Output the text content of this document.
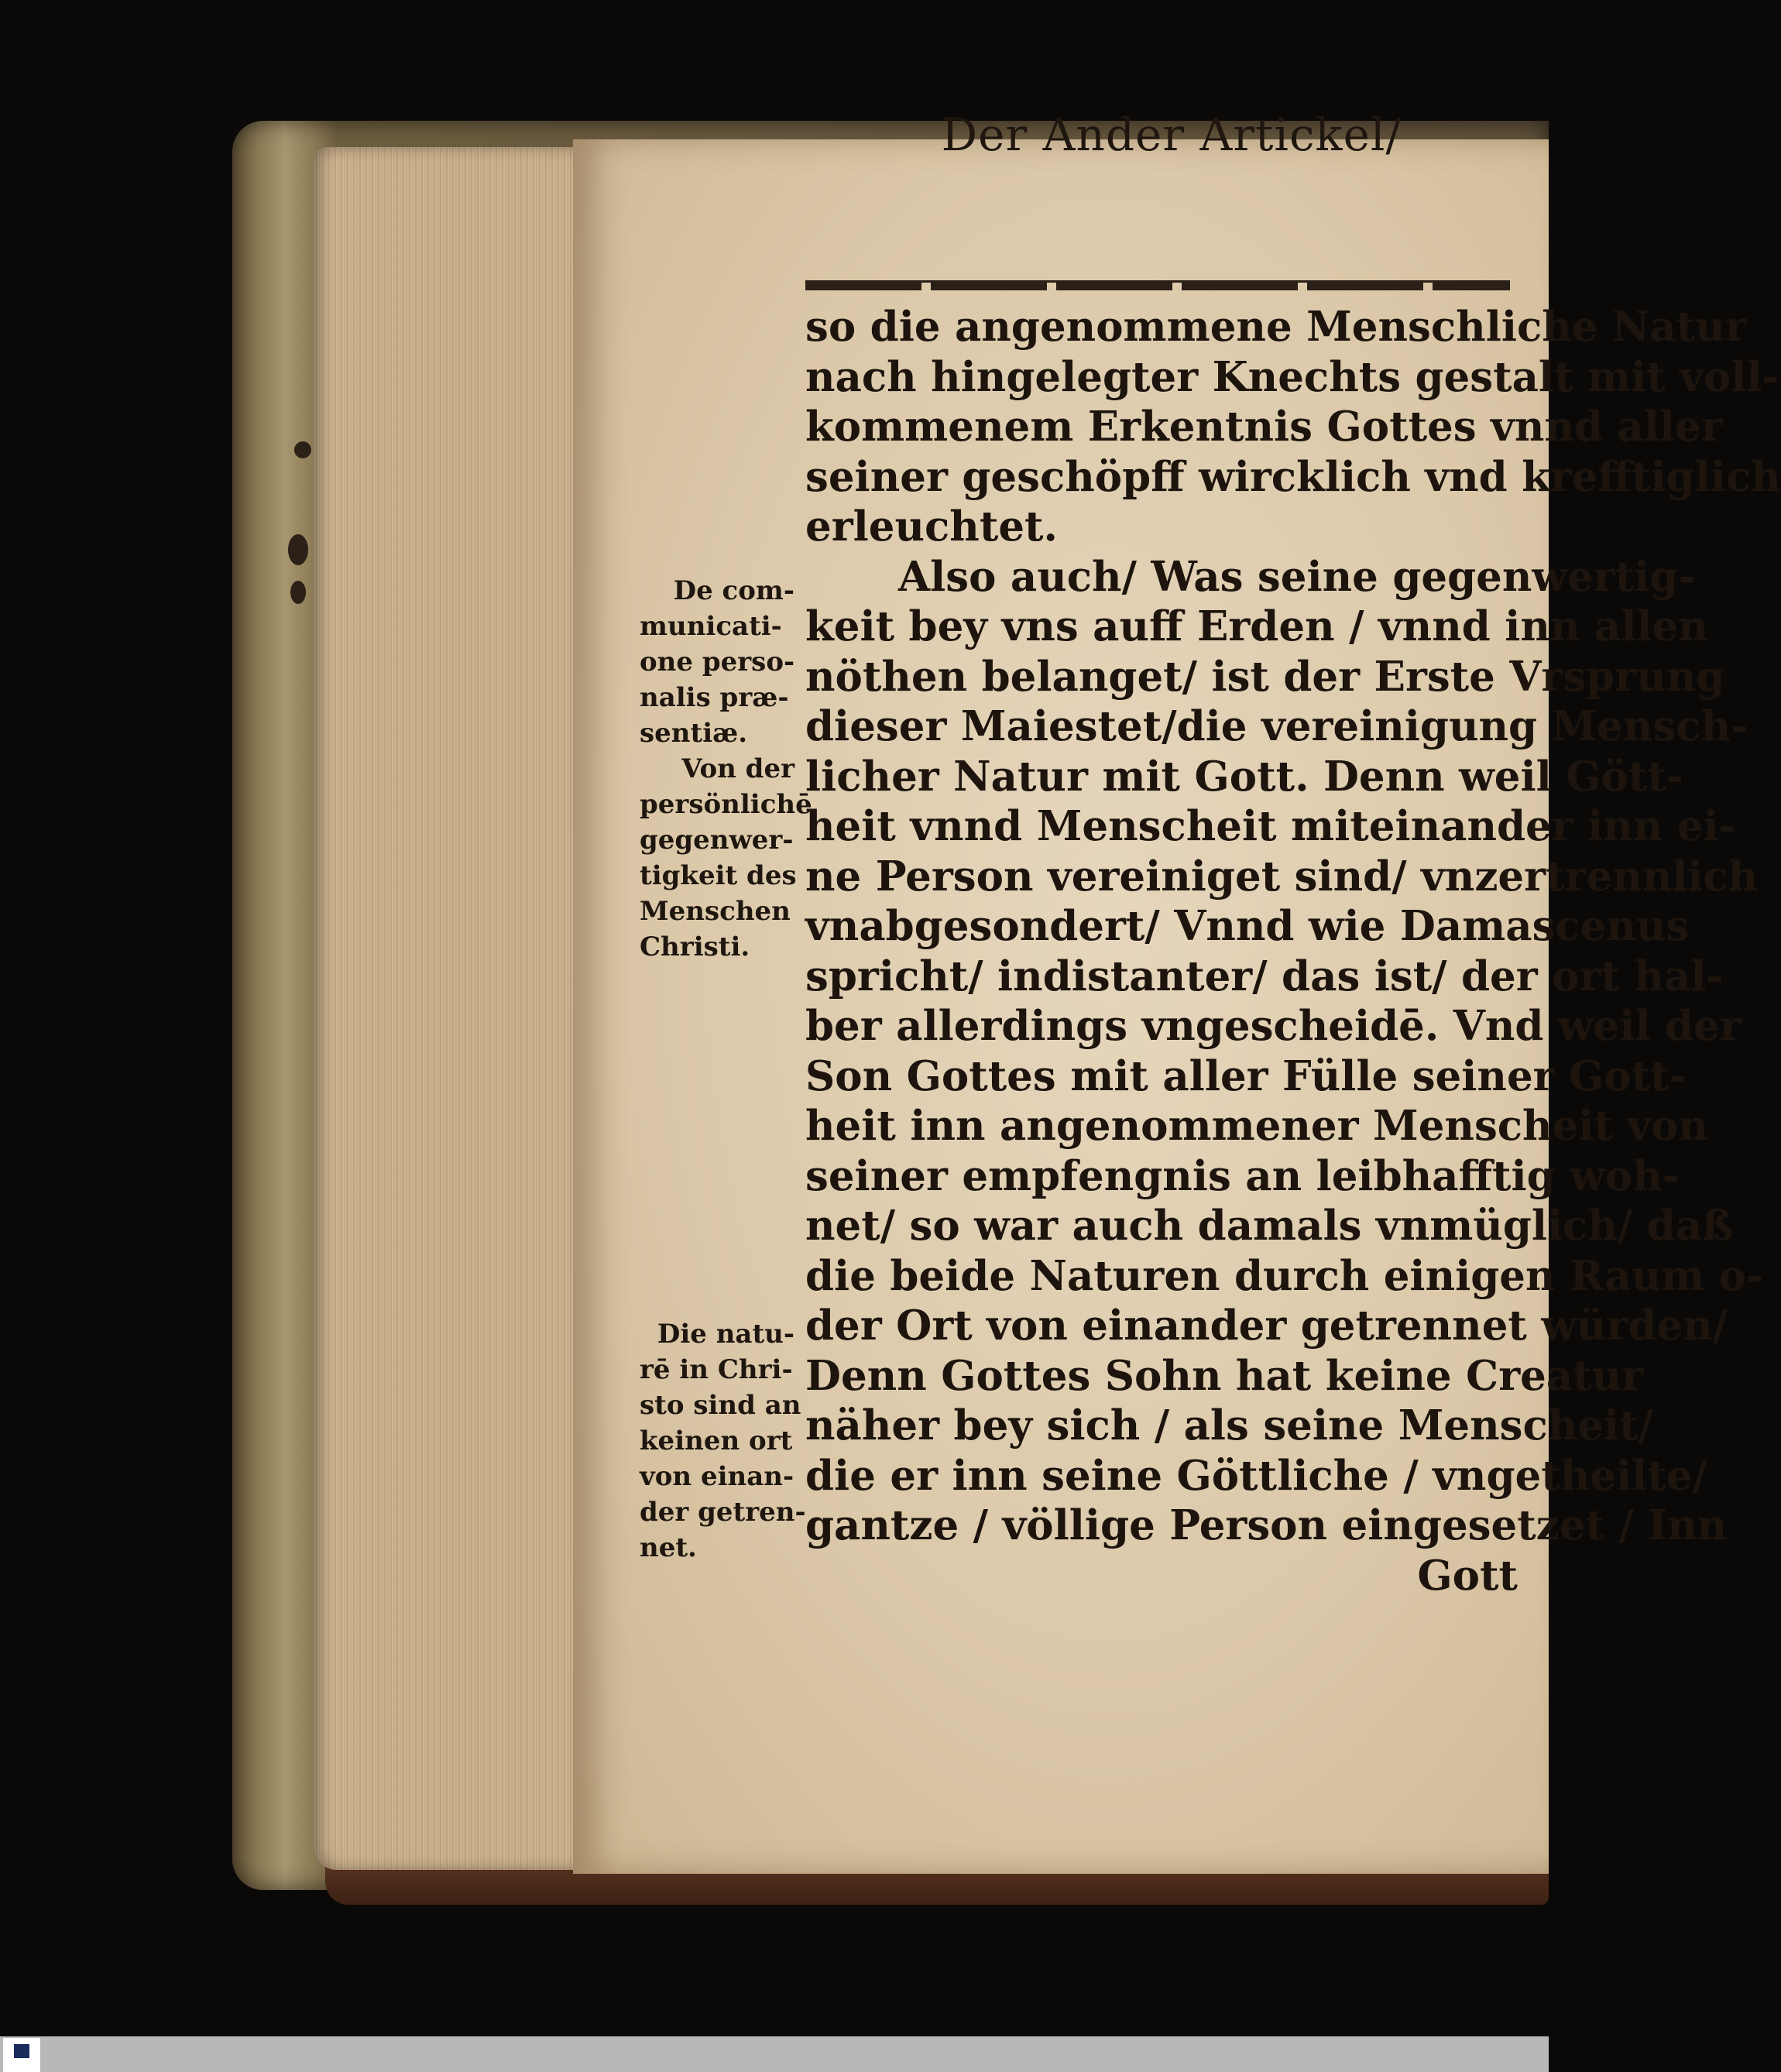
Der Ander Artickel/
so die angenommene Menschliche Natur
nach hingelegter Knechts gestalt mit voll-
kommenem Erkentnis Gottes vnnd aller
seiner geschöpff wircklich vnd krefftiglich
erleuchtet.
Also auch/ Was seine gegenwertig-
keit bey vns auff Erden / vnnd inn allen
nöthen belanget/ ist der Erste Vrsprung
dieser Maiestet/die vereinigung Mensch-
licher Natur mit Gott. Denn weil Gött-
heit vnnd Menscheit miteinander inn ei-
ne Person vereiniget sind/ vnzertrennlich
vnabgesondert/ Vnnd wie Damascenus
spricht/ indistanter/ das ist/ der ort hal-
ber allerdings vngescheidē. Vnd weil der
Son Gottes mit aller Fülle seiner Gott-
heit inn angenommener Menscheit von
seiner empfengnis an leibhafftig woh-
net/ so war auch damals vnmüglich/ daß
die beide Naturen durch einigen Raum o-
der Ort von einander getrennet würden/
Denn Gottes Sohn hat keine Creatur
näher bey sich / als seine Menscheit/
die er inn seine Göttliche / vngetheilte/
gantze / völlige Person eingesetzet / Inn
Gott
De com-
municati-
one perso-
nalis præ-
sentiæ.
Von der
persönlichē
gegenwer-
tigkeit des
Menschen
Christi.
Die natu-
rē in Chri-
sto sind an
keinen ort
von einan-
der getren-
net.
